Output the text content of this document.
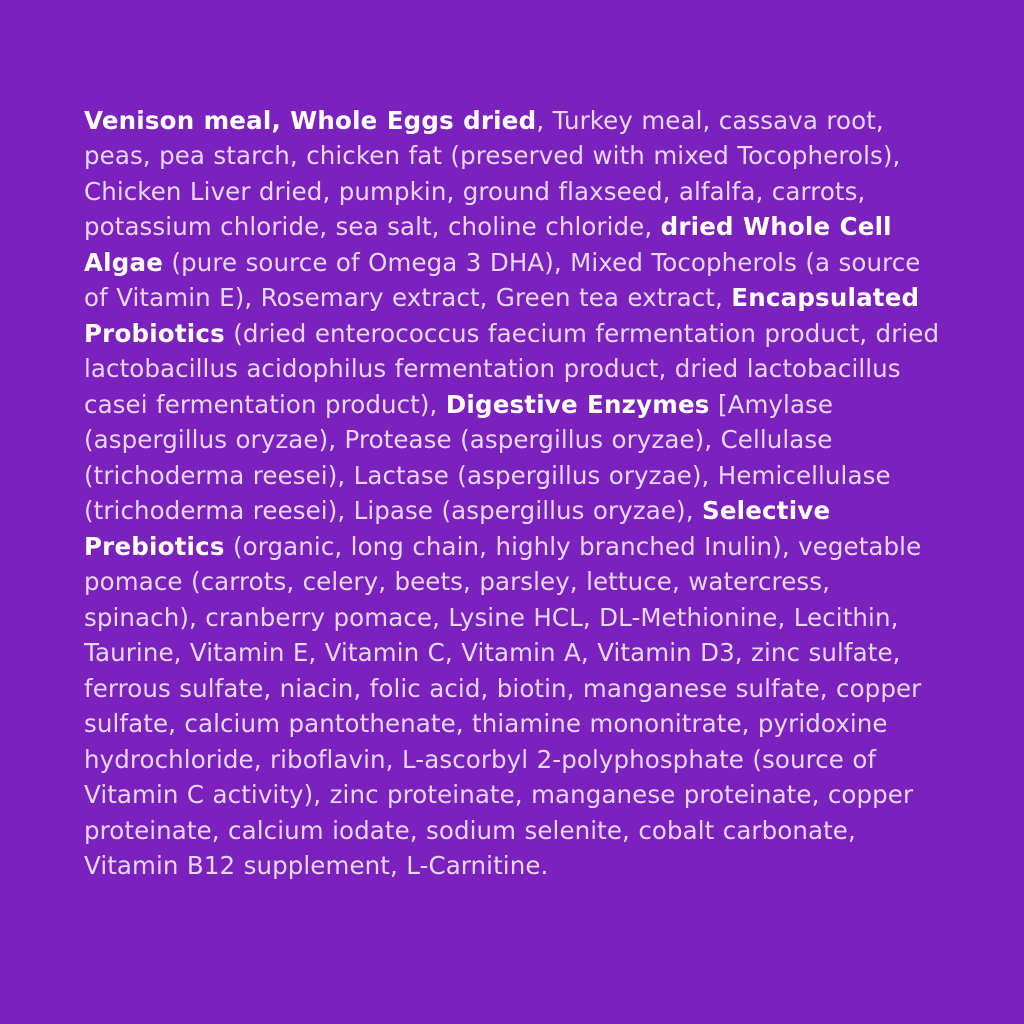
Venison meal, Whole Eggs dried, Turkey meal, cassava root, peas, pea starch, chicken fat (preserved with mixed Tocopherols), Chicken Liver dried, pumpkin, ground flaxseed, alfalfa, carrots, potassium chloride, sea salt, choline chloride, dried Whole Cell Algae (pure source of Omega 3 DHA), Mixed Tocopherols (a source of Vitamin E), Rosemary extract, Green tea extract, Encapsulated Probiotics (dried enterococcus faecium fermentation product, dried lactobacillus acidophilus fermentation product, dried lactobacillus casei fermentation product), Digestive Enzymes [Amylase (aspergillus oryzae), Protease (aspergillus oryzae), Cellulase (trichoderma reesei), Lactase (aspergillus oryzae), Hemicellulase (trichoderma reesei), Lipase (aspergillus oryzae), Selective Prebiotics (organic, long chain, highly branched Inulin), vegetable pomace (carrots, celery, beets, parsley, lettuce, watercress, spinach), cranberry pomace, Lysine HCL, DL-Methionine, Lecithin, Taurine, Vitamin E, Vitamin C, Vitamin A, Vitamin D3, zinc sulfate, ferrous sulfate, niacin, folic acid, biotin, manganese sulfate, copper sulfate, calcium pantothenate, thiamine mononitrate, pyridoxine hydrochloride, riboflavin, L-ascorbyl 2-polyphosphate (source of Vitamin C activity), zinc proteinate, manganese proteinate, copper proteinate, calcium iodate, sodium selenite, cobalt carbonate, Vitamin B12 supplement, L-Carnitine.
